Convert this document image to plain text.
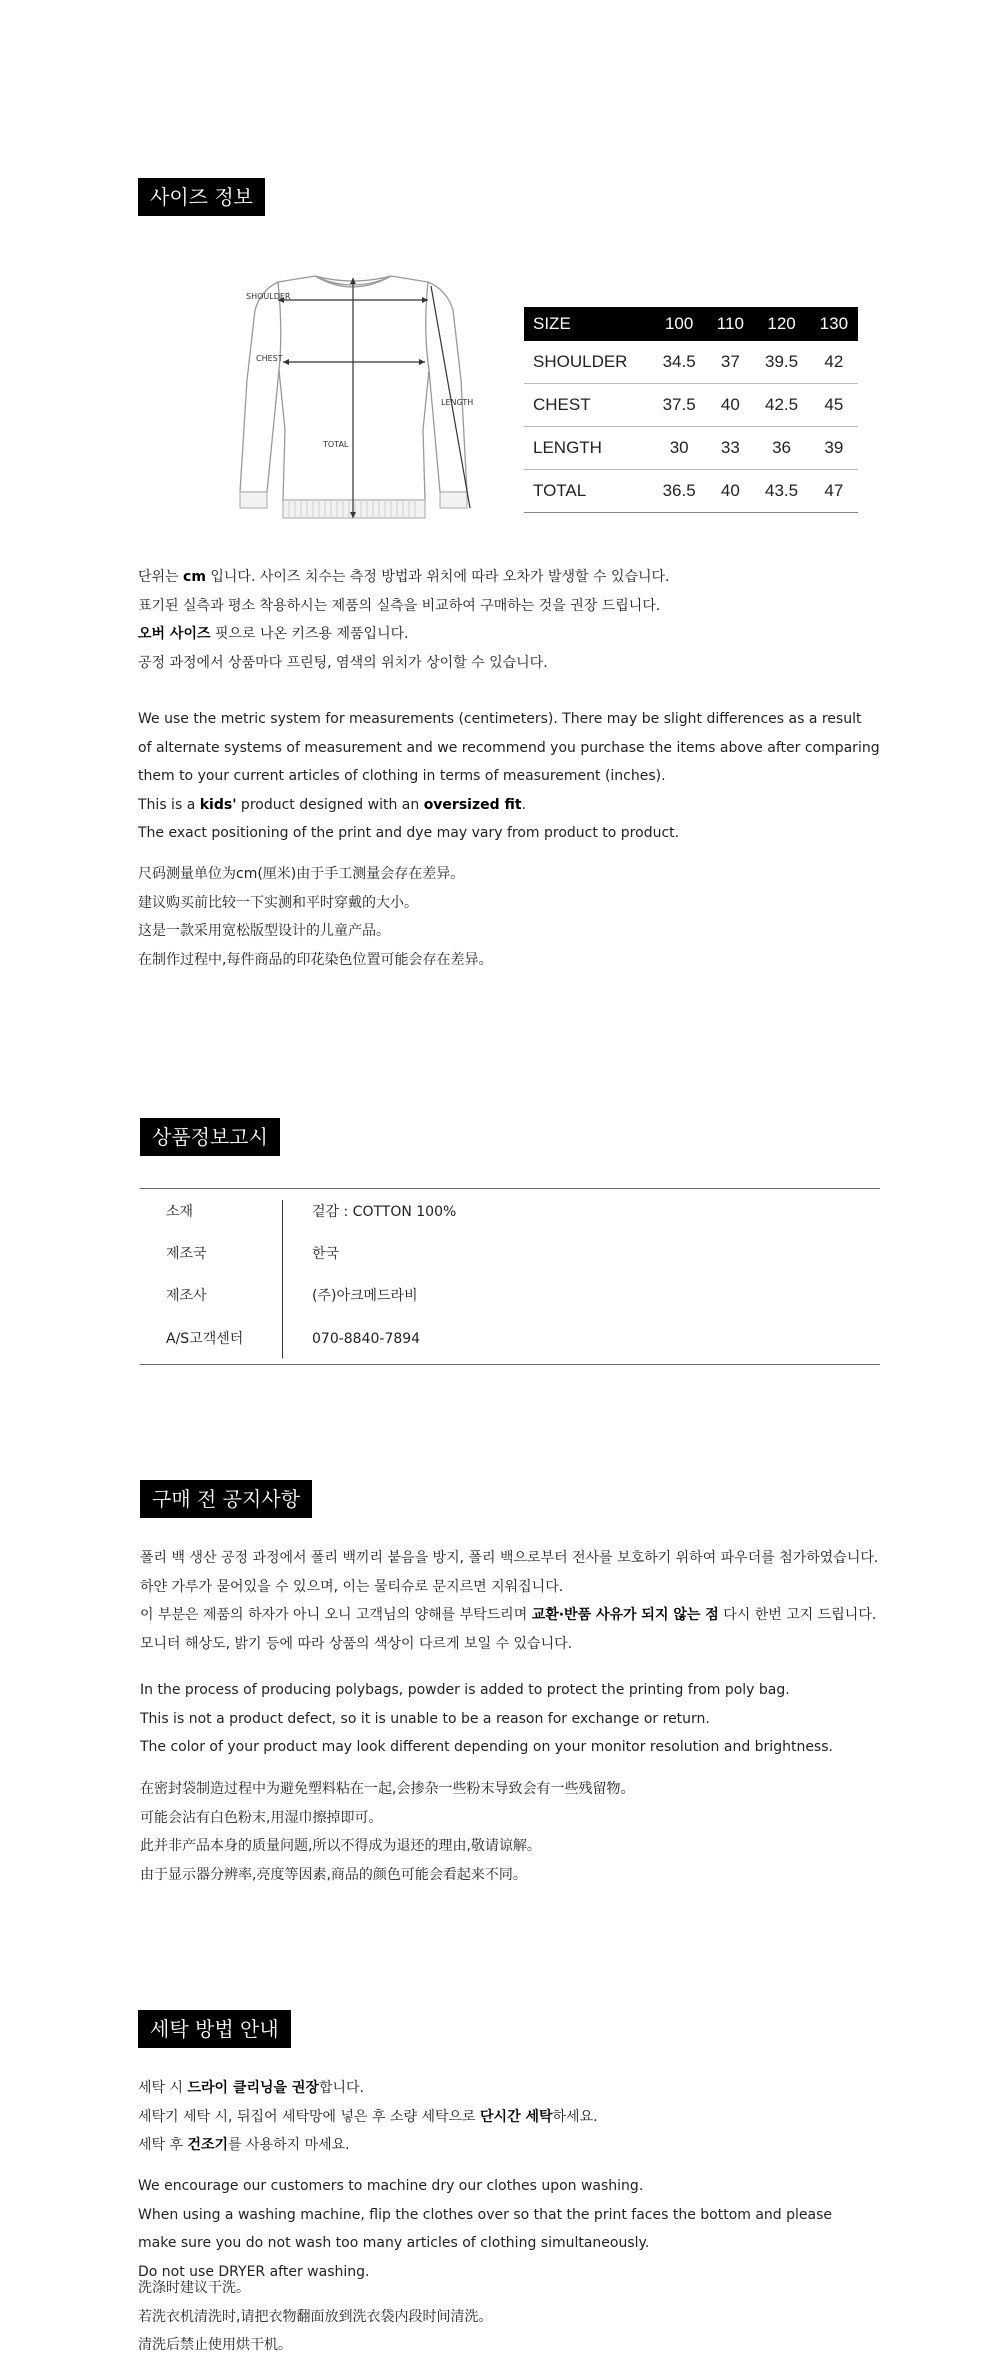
사이즈 정보
SHOULDER
CHEST
TOTAL
LENGTH
SIZE	100	110	120	130
SHOULDER	34.5	37	39.5	42
CHEST	37.5	40	42.5	45
LENGTH	30	33	36	39
TOTAL	36.5	40	43.5	47
단위는 cm 입니다. 사이즈 치수는 측정 방법과 위치에 따라 오차가 발생할 수 있습니다.
표기된 실측과 평소 착용하시는 제품의 실측을 비교하여 구매하는 것을 권장 드립니다.
오버 사이즈 핏으로 나온 키즈용 제품입니다.
공정 과정에서 상품마다 프린팅, 염색의 위치가 상이할 수 있습니다.
We use the metric system for measurements (centimeters). There may be slight differences as a result
of alternate systems of measurement and we recommend you purchase the items above after comparing
them to your current articles of clothing in terms of measurement (inches).
This is a kids' product designed with an oversized fit.
The exact positioning of the print and dye may vary from product to product.
尺码测量单位为cm(厘米)由于手工测量会存在差异。
建议购买前比较一下实测和平时穿戴的大小。
这是一款采用宽松版型设计的儿童产品。
在制作过程中,每件商品的印花染色位置可能会存在差异。
상품정보고시
소재	겉감 : COTTON 100%
제조국	한국
제조사	(주)아크메드라비
A/S고객센터	070-8840-7894
구매 전 공지사항
폴리 백 생산 공정 과정에서 폴리 백끼리 붙음을 방지, 폴리 백으로부터 전사를 보호하기 위하여 파우더를 첨가하였습니다.
하얀 가루가 묻어있을 수 있으며, 이는 물티슈로 문지르면 지워집니다.
이 부분은 제품의 하자가 아니 오니 고객님의 양해를 부탁드리며 교환·반품 사유가 되지 않는 점 다시 한번 고지 드립니다.
모니터 해상도, 밝기 등에 따라 상품의 색상이 다르게 보일 수 있습니다.
In the process of producing polybags, powder is added to protect the printing from poly bag.
This is not a product defect, so it is unable to be a reason for exchange or return.
The color of your product may look different depending on your monitor resolution and brightness.
在密封袋制造过程中为避免塑料粘在一起,会掺杂一些粉末导致会有一些残留物。
可能会沾有白色粉末,用湿巾擦掉即可。
此并非产品本身的质量问题,所以不得成为退还的理由,敬请谅解。
由于显示器分辨率,亮度等因素,商品的颜色可能会看起来不同。
세탁 방법 안내
세탁 시 드라이 클리닝을 권장합니다.
세탁기 세탁 시, 뒤집어 세탁망에 넣은 후 소량 세탁으로 단시간 세탁하세요.
세탁 후 건조기를 사용하지 마세요.
We encourage our customers to machine dry our clothes upon washing.
When using a washing machine, flip the clothes over so that the print faces the bottom and please
make sure you do not wash too many articles of clothing simultaneously.
Do not use DRYER after washing.
洗涤时建议干洗。
若洗衣机清洗时,请把衣物翻面放到洗衣袋内段时间清洗。
清洗后禁止使用烘干机。
